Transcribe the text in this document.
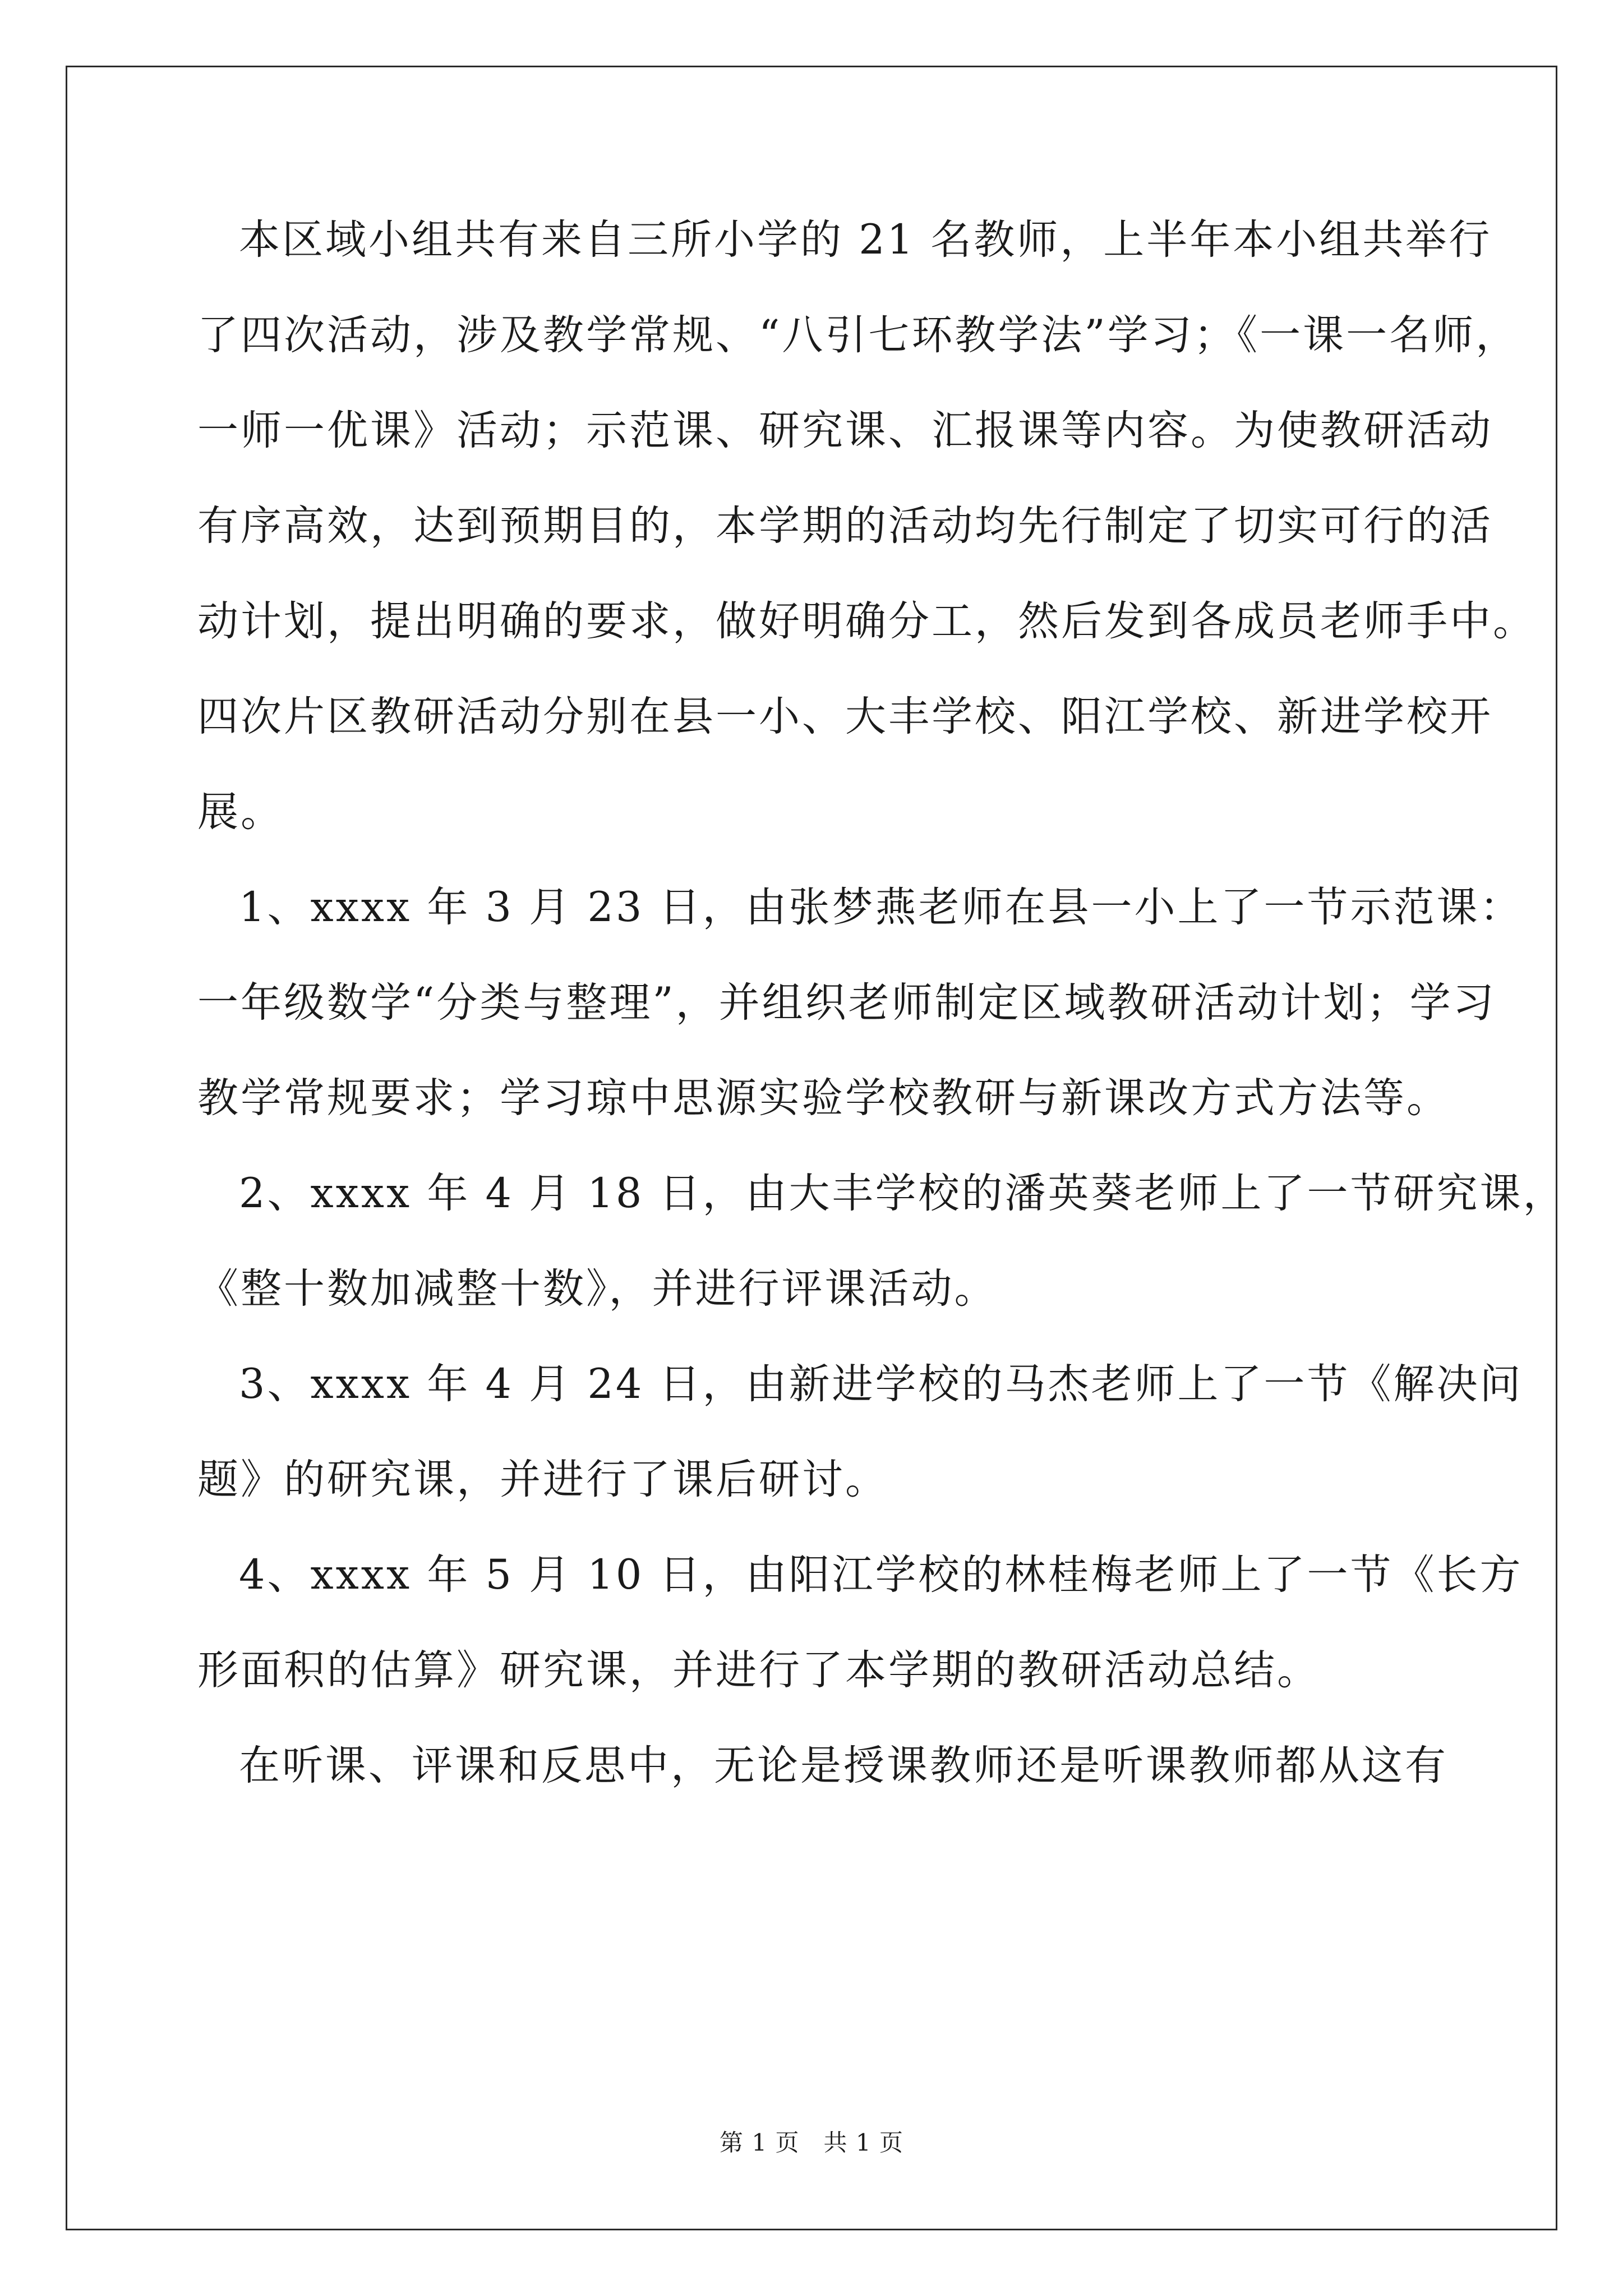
本区域小组共有来自三所小学的 21 名教师，上半年本小组共举行
了四次活动，涉及教学常规、“八引七环教学法”学习；《一课一名师，
一师一优课》活动；示范课、研究课、汇报课等内容。为使教研活动
有序高效，达到预期目的，本学期的活动均先行制定了切实可行的活
动计划，提出明确的要求，做好明确分工，然后发到各成员老师手中。
四次片区教研活动分别在县一小、大丰学校、阳江学校、新进学校开
展。
1、xxxx 年 3 月 23 日，由张梦燕老师在县一小上了一节示范课：
一年级数学“分类与整理”，并组织老师制定区域教研活动计划；学习
教学常规要求；学习琼中思源实验学校教研与新课改方式方法等。
2、xxxx 年 4 月 18 日，由大丰学校的潘英葵老师上了一节研究课，
《整十数加减整十数》，并进行评课活动。
3、xxxx 年 4 月 24 日，由新进学校的马杰老师上了一节《解决问
题》的研究课，并进行了课后研讨。
4、xxxx 年 5 月 10 日，由阳江学校的林桂梅老师上了一节《长方
形面积的估算》研究课，并进行了本学期的教研活动总结。
在听课、评课和反思中，无论是授课教师还是听课教师都从这有
第 1 页   共 1 页
